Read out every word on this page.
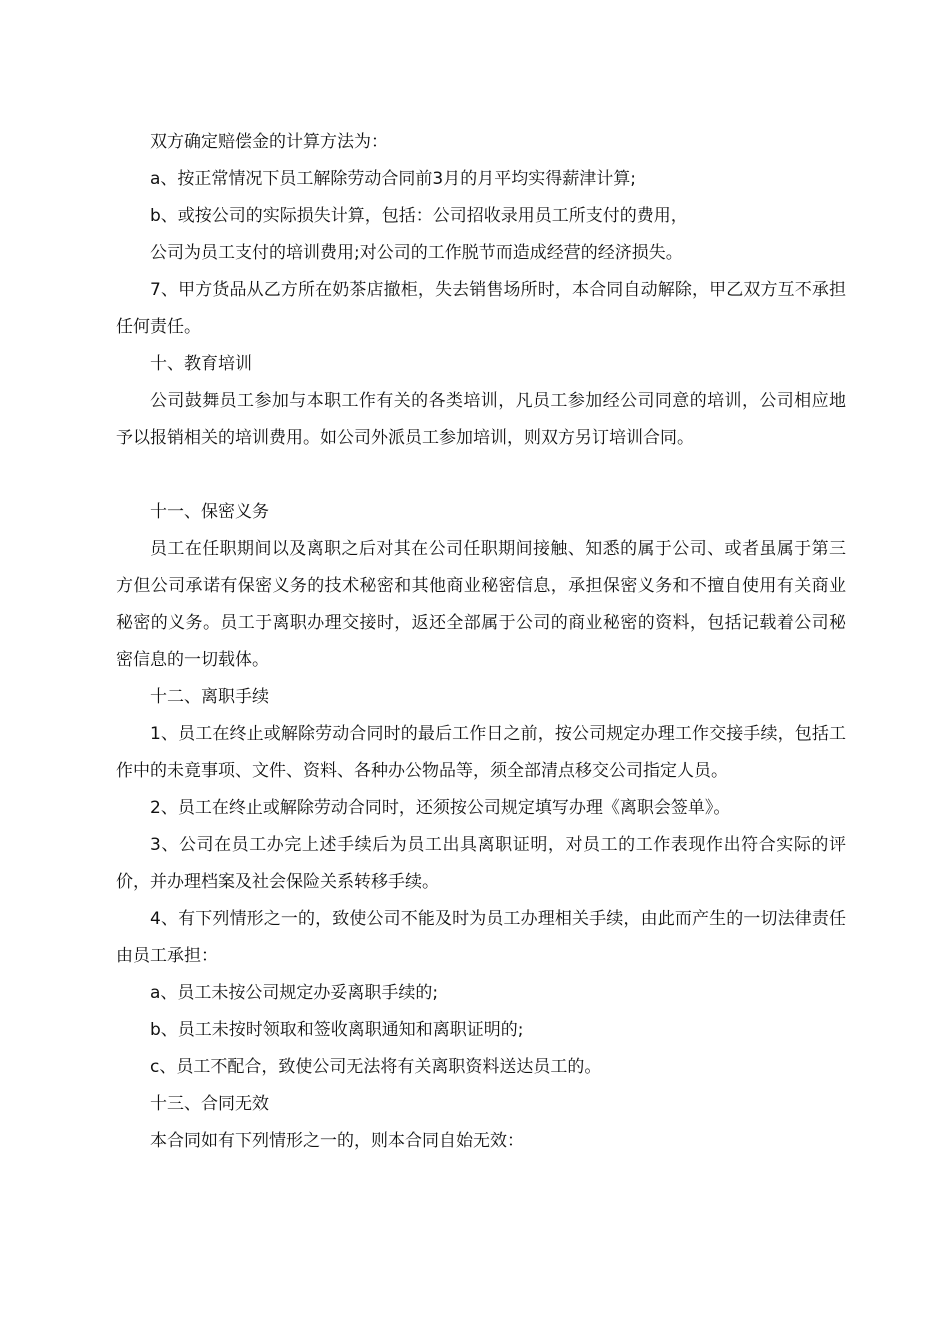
双方确定赔偿金的计算方法为：

a、按正常情况下员工解除劳动合同前3月的月平均实得薪津计算;

b、或按公司的实际损失计算，包括：公司招收录用员工所支付的费用，

公司为员工支付的培训费用;对公司的工作脱节而造成经营的经济损失。

7、甲方货品从乙方所在奶茶店撤柜，失去销售场所时，本合同自动解除，甲乙双方互不承担任何责任。

十、教育培训

公司鼓舞员工参加与本职工作有关的各类培训，凡员工参加经公司同意的培训，公司相应地予以报销相关的培训费用。如公司外派员工参加培训，则双方另订培训合同。

十一、保密义务

员工在任职期间以及离职之后对其在公司任职期间接触、知悉的属于公司、或者虽属于第三方但公司承诺有保密义务的技术秘密和其他商业秘密信息，承担保密义务和不擅自使用有关商业秘密的义务。员工于离职办理交接时，返还全部属于公司的商业秘密的资料，包括记载着公司秘密信息的一切载体。

十二、离职手续

1、员工在终止或解除劳动合同时的最后工作日之前，按公司规定办理工作交接手续，包括工作中的未竟事项、文件、资料、各种办公物品等，须全部清点移交公司指定人员。

2、员工在终止或解除劳动合同时，还须按公司规定填写办理《离职会签单》。

3、公司在员工办完上述手续后为员工出具离职证明，对员工的工作表现作出符合实际的评价，并办理档案及社会保险关系转移手续。

4、有下列情形之一的，致使公司不能及时为员工办理相关手续，由此而产生的一切法律责任由员工承担：

a、员工未按公司规定办妥离职手续的;

b、员工未按时领取和签收离职通知和离职证明的;

c、员工不配合，致使公司无法将有关离职资料送达员工的。

十三、合同无效

本合同如有下列情形之一的，则本合同自始无效：
